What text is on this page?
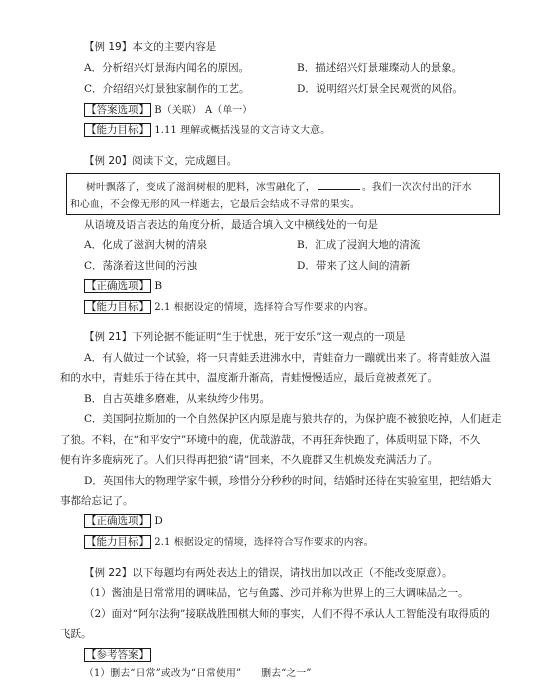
【例 19】本文的主要内容是
A．分析绍兴灯景海内闻名的原因。	B．描述绍兴灯景璀璨动人的景象。
C．介绍绍兴灯景独家制作的工艺。	D．说明绍兴灯景全民观赏的风俗。
【答案选项】 B（关联） A（单一）
【能力目标】 1.11 理解或概括浅显的文言诗文大意。
【例 20】阅读下文，完成题目。
树叶飘落了，变成了滋润树根的肥料，冰雪融化了，	。我们一次次付出的汗水
和心血，不会像无形的风一样逝去，它最后会结成不寻常的果实。
从语境及语言表达的角度分析，最适合填入文中横线处的一句是
A．化成了滋润大树的清泉	B．汇成了浸润大地的清流
C．荡涤着这世间的污浊	D．带来了这人间的清新
【正确选项】 B
【能力目标】 2.1 根据设定的情境，选择符合写作要求的内容。
【例 21】下列论据不能证明“生于忧患，死于安乐”这一观点的一项是
A．有人做过一个试验，将一只青蛙丢进沸水中，青蛙奋力一蹦就出来了。将青蛙放入温
和的水中，青蛙乐于待在其中，温度渐升渐高，青蛙慢慢适应，最后竟被煮死了。
B．自古英雄多磨难，从来纨绔少伟男。
C．美国阿拉斯加的一个自然保护区内原是鹿与狼共存的，为保护鹿不被狼吃掉，人们赶走
了狼。不料，在“和平安宁”环境中的鹿，优哉游哉，不再狂奔快跑了，体质明显下降，不久
便有许多鹿病死了。人们只得再把狼“请”回来，不久鹿群又生机焕发充满活力了。
D．英国伟大的物理学家牛顿，珍惜分分秒秒的时间，结婚时还待在实验室里，把结婚大
事都给忘记了。
【正确选项】 D
【能力目标】 2.1 根据设定的情境，选择符合写作要求的内容。
【例 22】以下每题均有两处表达上的错误，请找出加以改正（不能改变原意）。
（1）酱油是日常常用的调味品，它与鱼露、沙司并称为世界上的三大调味品之一。
（2）面对“阿尔法狗”接联战胜围棋大师的事实，人们不得不承认人工智能没有取得质的
飞跃。
【参考答案】
（1）删去“日常”或改为“日常使用”　　删去“之一”
